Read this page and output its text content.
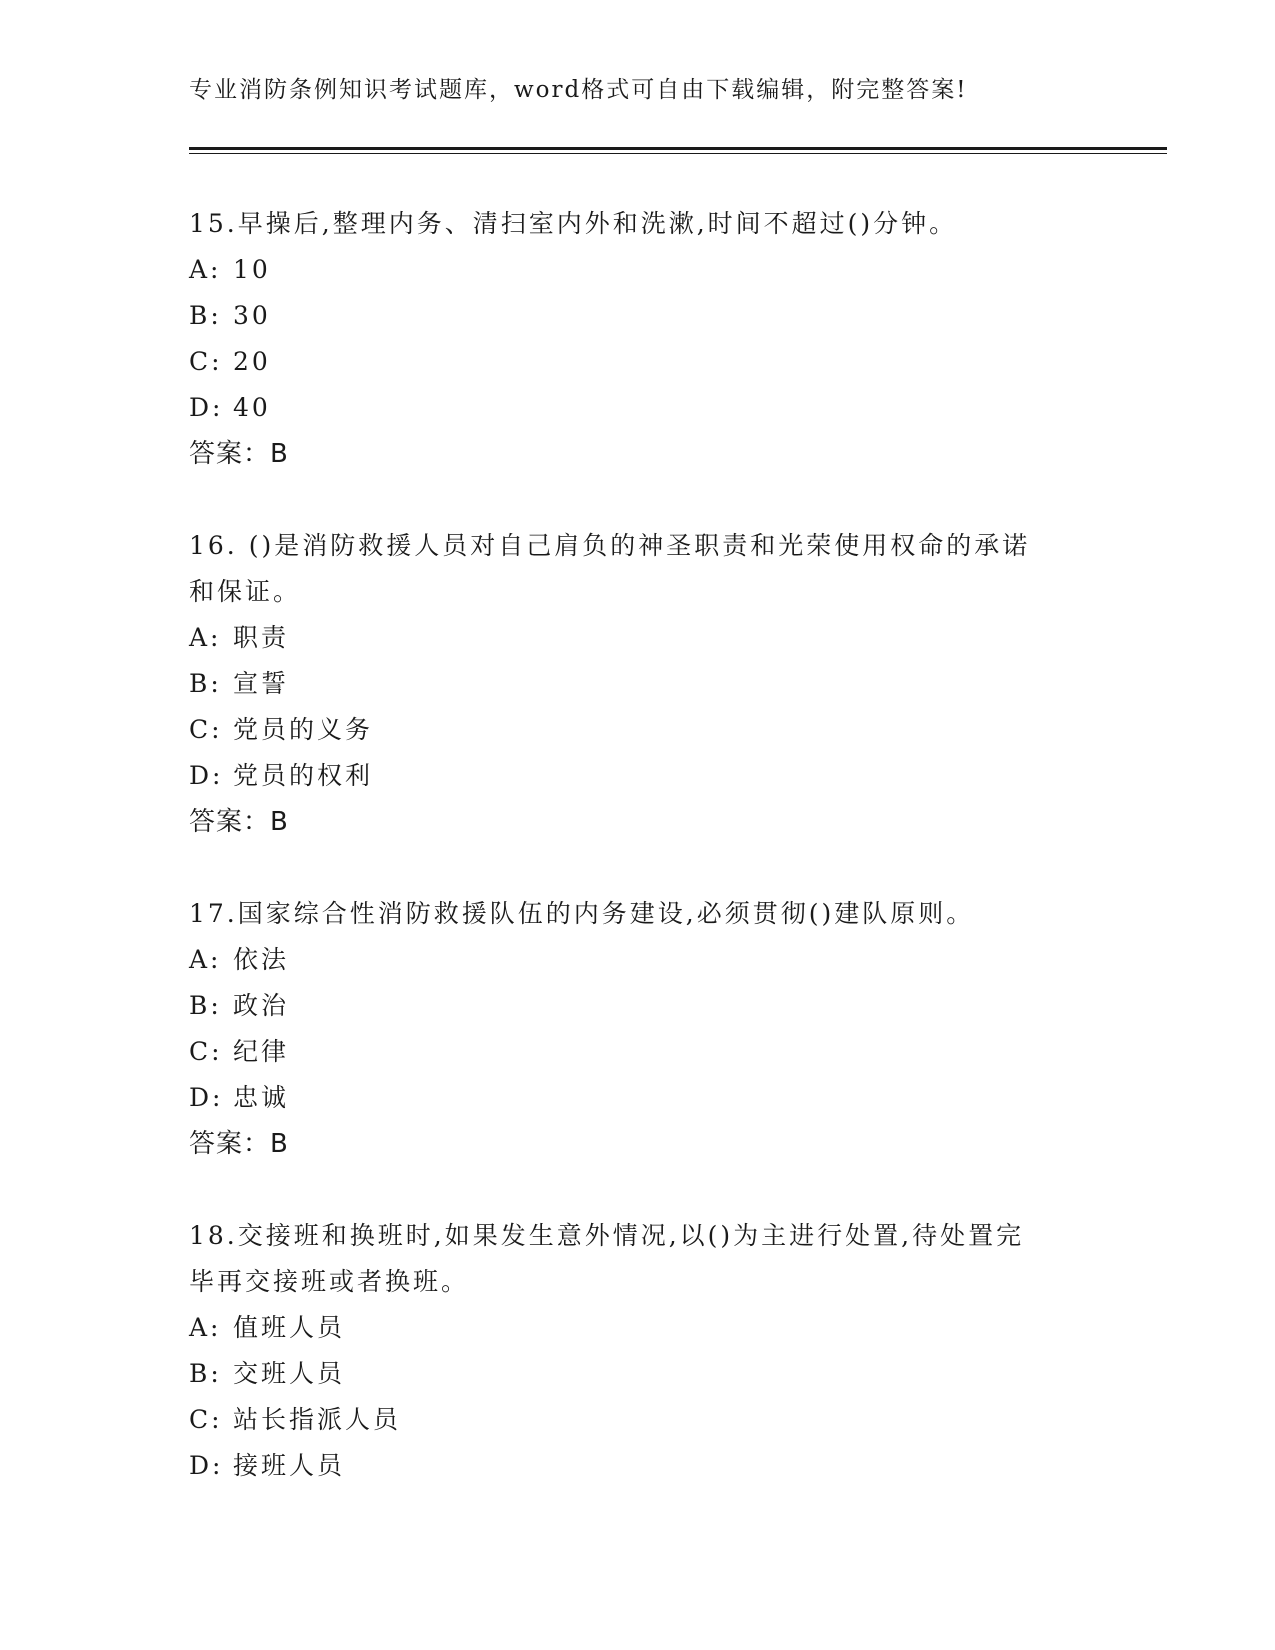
专业消防条例知识考试题库，word格式可自由下载编辑，附完整答案!
15.早操后,整理内务、清扫室内外和洗漱,时间不超过()分钟。
A: 10
B: 30
C: 20
D: 40
答案：B
16. ()是消防救援人员对自己肩负的神圣职责和光荣使用权命的承诺
和保证。
A: 职责
B: 宣誓
C: 党员的义务
D: 党员的权利
答案：B
17.国家综合性消防救援队伍的内务建设,必须贯彻()建队原则。
A: 依法
B: 政治
C: 纪律
D: 忠诚
答案：B
18.交接班和换班时,如果发生意外情况,以()为主进行处置,待处置完
毕再交接班或者换班。
A: 值班人员
B: 交班人员
C: 站长指派人员
D: 接班人员
